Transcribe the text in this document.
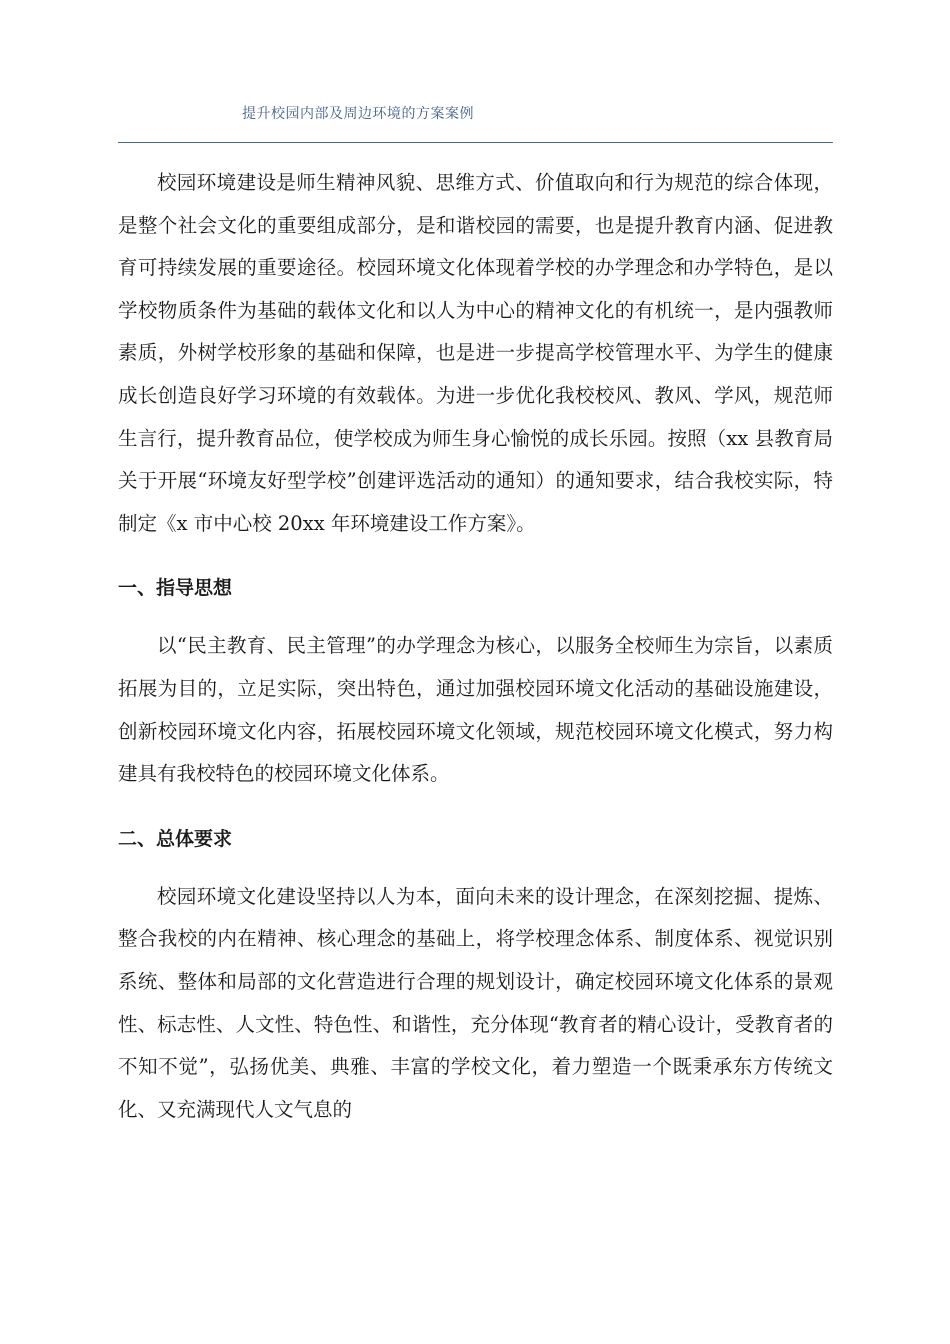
提升校园内部及周边环境的方案案例

校园环境建设是师生精神风貌、思维方式、价值取向和行为规范的综合体现，是整个社会文化的重要组成部分，是和谐校园的需要，也是提升教育内涵、促进教育可持续发展的重要途径。校园环境文化体现着学校的办学理念和办学特色，是以学校物质条件为基础的载体文化和以人为中心的精神文化的有机统一，是内强教师素质，外树学校形象的基础和保障，也是进一步提高学校管理水平、为学生的健康成长创造良好学习环境的有效载体。为进一步优化我校校风、教风、学风，规范师生言行，提升教育品位，使学校成为师生身心愉悦的成长乐园。按照（xx 县教育局关于开展“环境友好型学校”创建评选活动的通知）的通知要求，结合我校实际，特制定《x 市中心校 20xx 年环境建设工作方案》。

一、指导思想

以“民主教育、民主管理”的办学理念为核心，以服务全校师生为宗旨，以素质拓展为目的，立足实际，突出特色，通过加强校园环境文化活动的基础设施建设，创新校园环境文化内容，拓展校园环境文化领域，规范校园环境文化模式，努力构建具有我校特色的校园环境文化体系。

二、总体要求

校园环境文化建设坚持以人为本，面向未来的设计理念，在深刻挖掘、提炼、整合我校的内在精神、核心理念的基础上，将学校理念体系、制度体系、视觉识别系统、整体和局部的文化营造进行合理的规划设计，确定校园环境文化体系的景观性、标志性、人文性、特色性、和谐性，充分体现“教育者的精心设计，受教育者的不知不觉”，弘扬优美、典雅、丰富的学校文化，着力塑造一个既秉承东方传统文化、又充满现代人文气息的
